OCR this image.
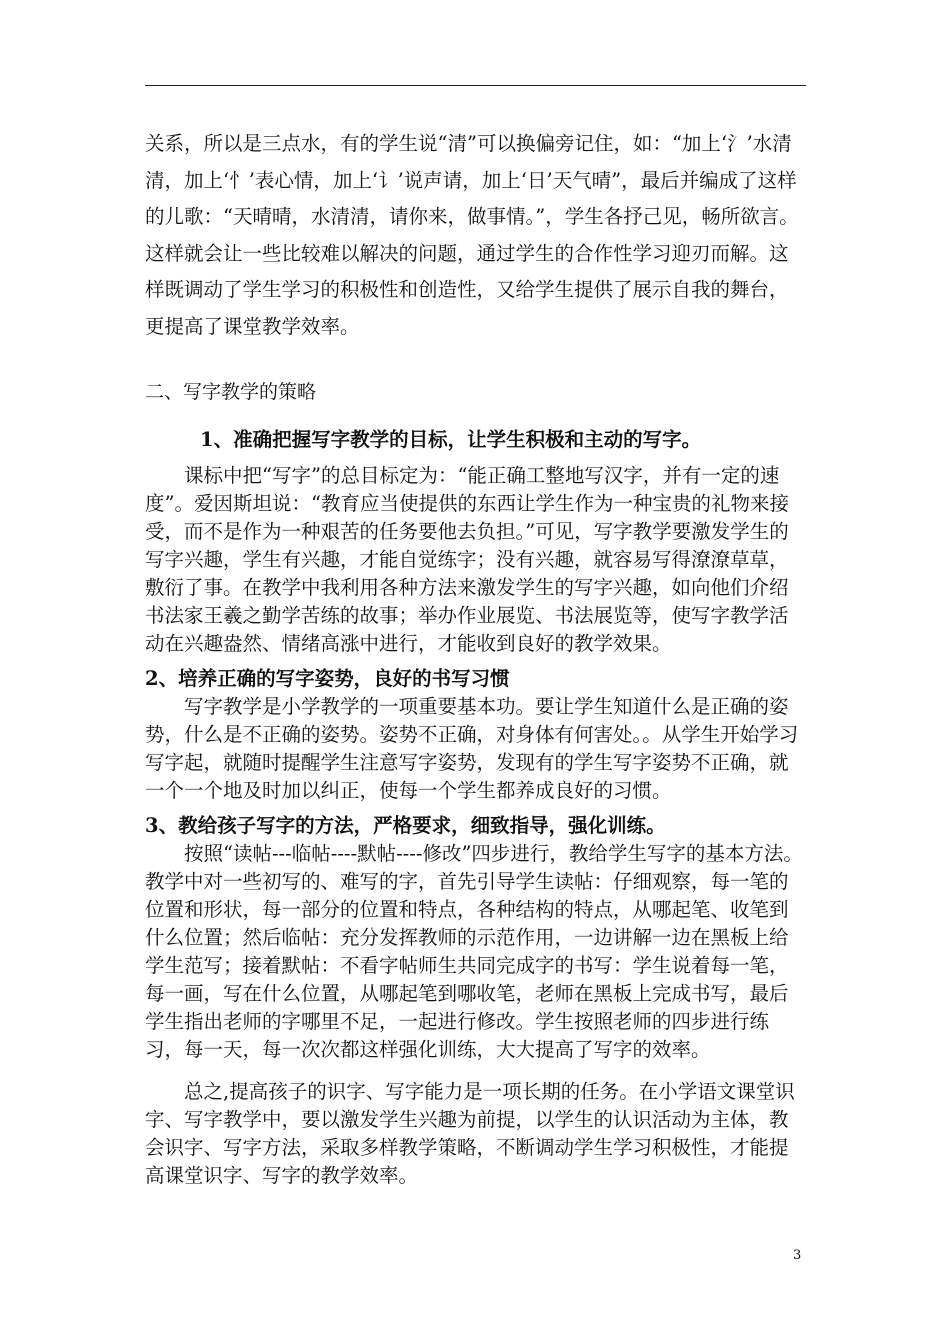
关系，所以是三点水，有的学生说“清”可以换偏旁记住，如：“加上‘氵’水清清，加上‘忄’表心情，加上‘讠’说声请，加上‘日’天气晴”，最后并编成了这样的儿歌：“天晴晴，水清清，请你来，做事情。”，学生各抒己见，畅所欲言。这样就会让一些比较难以解决的问题，通过学生的合作性学习迎刃而解。这样既调动了学生学习的积极性和创造性，又给学生提供了展示自我的舞台，更提高了课堂教学效率。

二、写字教学的策略

1、准确把握写字教学的目标，让学生积极和主动的写字。

课标中把“写字”的总目标定为：“能正确工整地写汉字，并有一定的速度”。爱因斯坦说：“教育应当使提供的东西让学生作为一种宝贵的礼物来接受，而不是作为一种艰苦的任务要他去负担。”可见，写字教学要激发学生的写字兴趣，学生有兴趣，才能自觉练字；没有兴趣，就容易写得潦潦草草，敷衍了事。在教学中我利用各种方法来激发学生的写字兴趣，如向他们介绍书法家王羲之勤学苦练的故事；举办作业展览、书法展览等，使写字教学活动在兴趣盎然、情绪高涨中进行，才能收到良好的教学效果。

2、培养正确的写字姿势，良好的书写习惯

写字教学是小学教学的一项重要基本功。要让学生知道什么是正确的姿势，什么是不正确的姿势。姿势不正确，对身体有何害处。。从学生开始学习写字起，就随时提醒学生注意写字姿势，发现有的学生写字姿势不正确，就一个一个地及时加以纠正，使每一个学生都养成良好的习惯。

3、教给孩子写字的方法，严格要求，细致指导，强化训练。

按照“读帖---临帖----默帖----修改”四步进行，教给学生写字的基本方法。教学中对一些初写的、难写的字，首先引导学生读帖：仔细观察，每一笔的位置和形状，每一部分的位置和特点，各种结构的特点，从哪起笔、收笔到什么位置；然后临帖：充分发挥教师的示范作用，一边讲解一边在黑板上给学生范写；接着默帖：不看字帖师生共同完成字的书写：学生说着每一笔，每一画，写在什么位置，从哪起笔到哪收笔，老师在黑板上完成书写，最后学生指出老师的字哪里不足，一起进行修改。学生按照老师的四步进行练习，每一天，每一次次都这样强化训练，大大提高了写字的效率。

总之,提高孩子的识字、写字能力是一项长期的任务。在小学语文课堂识字、写字教学中，要以激发学生兴趣为前提，以学生的认识活动为主体，教会识字、写字方法，采取多样教学策略，不断调动学生学习积极性，才能提高课堂识字、写字的教学效率。

3
